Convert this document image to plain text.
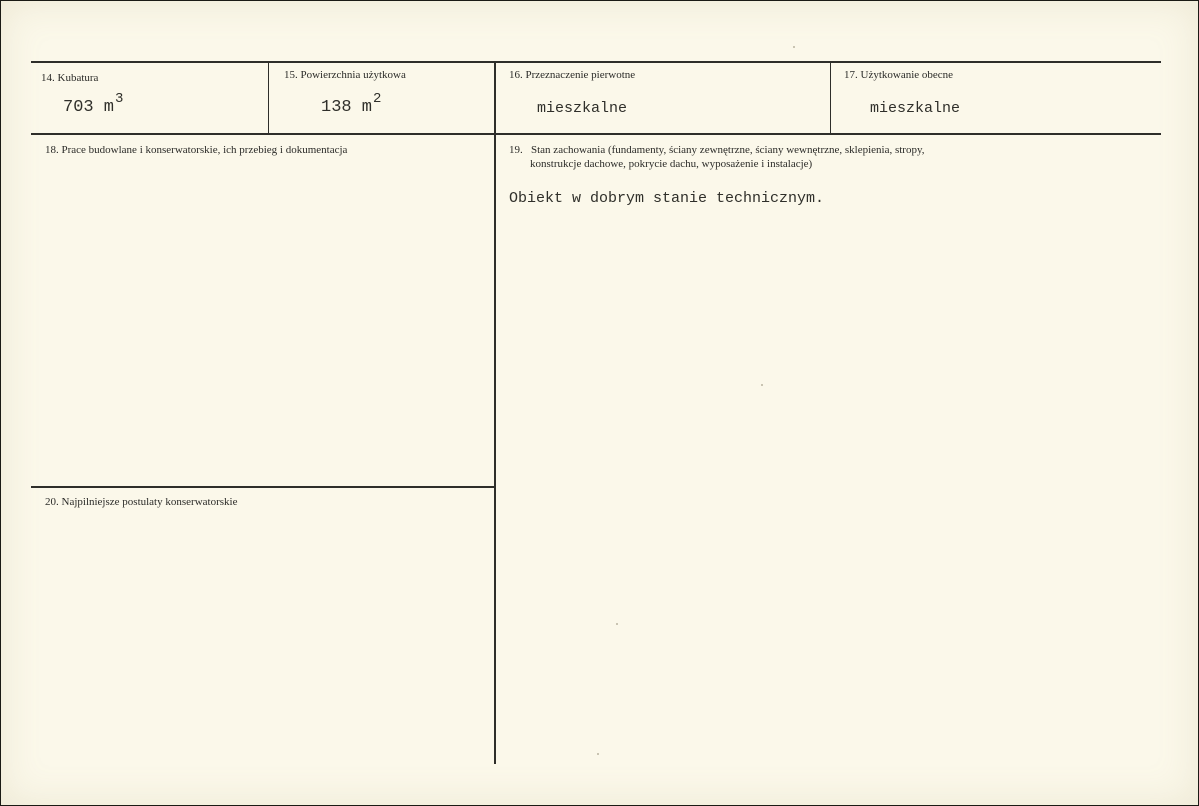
14. Kubatura
703 $m^3$
15. Powierzchnia użytkowa
138 $m^2$
16. Przeznaczenie pierwotne
mieszkalne
17. Użytkowanie obecne
mieszkalne
18. Prace budowlane i konserwatorskie, ich przebieg i dokumentacja	19.   Stan zachowania (fundamenty, ściany zewnętrzne, ściany wewnętrzne, sklepienia, stropy,
konstrukcje dachowe, pokrycie dachu, wyposażenie i instalacje)
Obiekt w dobrym stanie technicznym.
20. Najpilniejsze postulaty konserwatorskie
